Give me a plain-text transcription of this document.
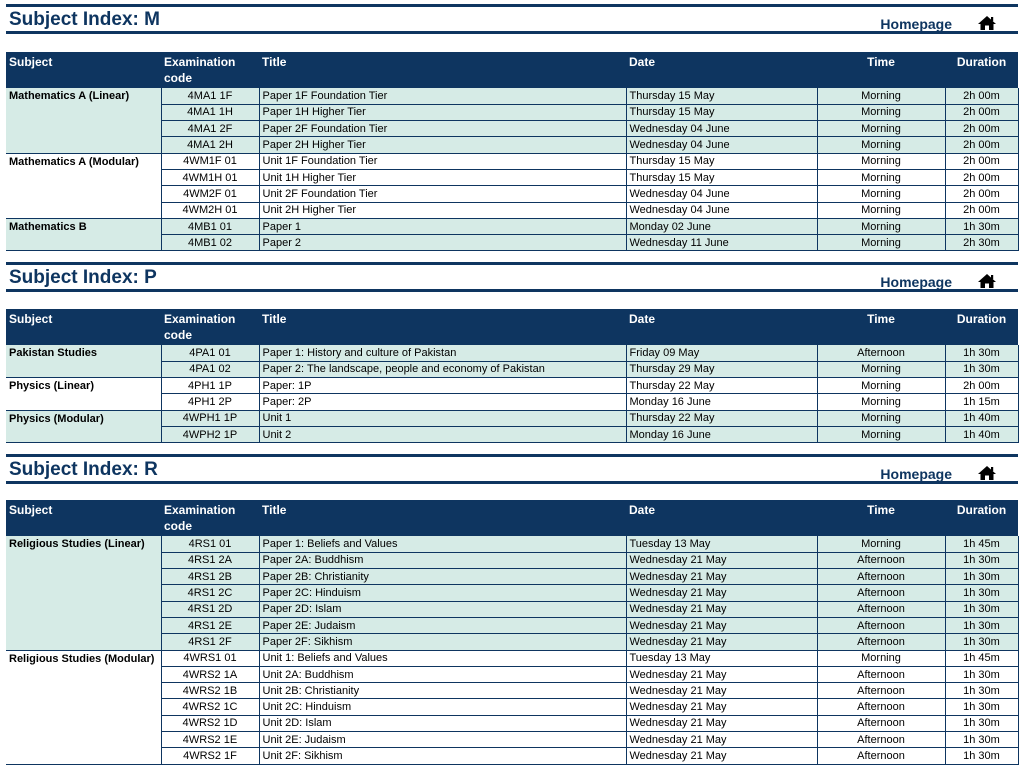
Subject Index: M	Homepage
Subject	Examination code	Title	Date	Time	Duration
Mathematics A (Linear)	4MA1 1F	Paper 1F Foundation Tier	Thursday 15 May	Morning	2h 00m
	4MA1 1H	Paper 1H Higher Tier	Thursday 15 May	Morning	2h 00m
	4MA1 2F	Paper 2F Foundation Tier	Wednesday 04 June	Morning	2h 00m
	4MA1 2H	Paper 2H Higher Tier	Wednesday 04 June	Morning	2h 00m
Mathematics A (Modular)	4WM1F 01	Unit 1F Foundation Tier	Thursday 15 May	Morning	2h 00m
	4WM1H 01	Unit 1H Higher Tier	Thursday 15 May	Morning	2h 00m
	4WM2F 01	Unit 2F Foundation Tier	Wednesday 04 June	Morning	2h 00m
	4WM2H 01	Unit 2H Higher Tier	Wednesday 04 June	Morning	2h 00m
Mathematics B	4MB1 01	Paper 1	Monday 02 June	Morning	1h 30m
	4MB1 02	Paper 2	Wednesday 11 June	Morning	2h 30m
Subject Index: P	Homepage
Subject	Examination code	Title	Date	Time	Duration
Pakistan Studies	4PA1 01	Paper 1: History and culture of Pakistan	Friday 09 May	Afternoon	1h 30m
	4PA1 02	Paper 2: The landscape, people and economy of Pakistan	Thursday 29 May	Morning	1h 30m
Physics (Linear)	4PH1 1P	Paper: 1P	Thursday 22 May	Morning	2h 00m
	4PH1 2P	Paper: 2P	Monday 16 June	Morning	1h 15m
Physics (Modular)	4WPH1 1P	Unit 1	Thursday 22 May	Morning	1h 40m
	4WPH2 1P	Unit 2	Monday 16 June	Morning	1h 40m
Subject Index: R	Homepage
Subject	Examination code	Title	Date	Time	Duration
Religious Studies (Linear)	4RS1 01	Paper 1: Beliefs and Values	Tuesday 13 May	Morning	1h 45m
	4RS1 2A	Paper 2A: Buddhism	Wednesday 21 May	Afternoon	1h 30m
	4RS1 2B	Paper 2B: Christianity	Wednesday 21 May	Afternoon	1h 30m
	4RS1 2C	Paper 2C: Hinduism	Wednesday 21 May	Afternoon	1h 30m
	4RS1 2D	Paper 2D: Islam	Wednesday 21 May	Afternoon	1h 30m
	4RS1 2E	Paper 2E: Judaism	Wednesday 21 May	Afternoon	1h 30m
	4RS1 2F	Paper 2F: Sikhism	Wednesday 21 May	Afternoon	1h 30m
Religious Studies (Modular)	4WRS1 01	Unit 1: Beliefs and Values	Tuesday 13 May	Morning	1h 45m
	4WRS2 1A	Unit 2A: Buddhism	Wednesday 21 May	Afternoon	1h 30m
	4WRS2 1B	Unit 2B: Christianity	Wednesday 21 May	Afternoon	1h 30m
	4WRS2 1C	Unit 2C: Hinduism	Wednesday 21 May	Afternoon	1h 30m
	4WRS2 1D	Unit 2D: Islam	Wednesday 21 May	Afternoon	1h 30m
	4WRS2 1E	Unit 2E: Judaism	Wednesday 21 May	Afternoon	1h 30m
	4WRS2 1F	Unit 2F: Sikhism	Wednesday 21 May	Afternoon	1h 30m
